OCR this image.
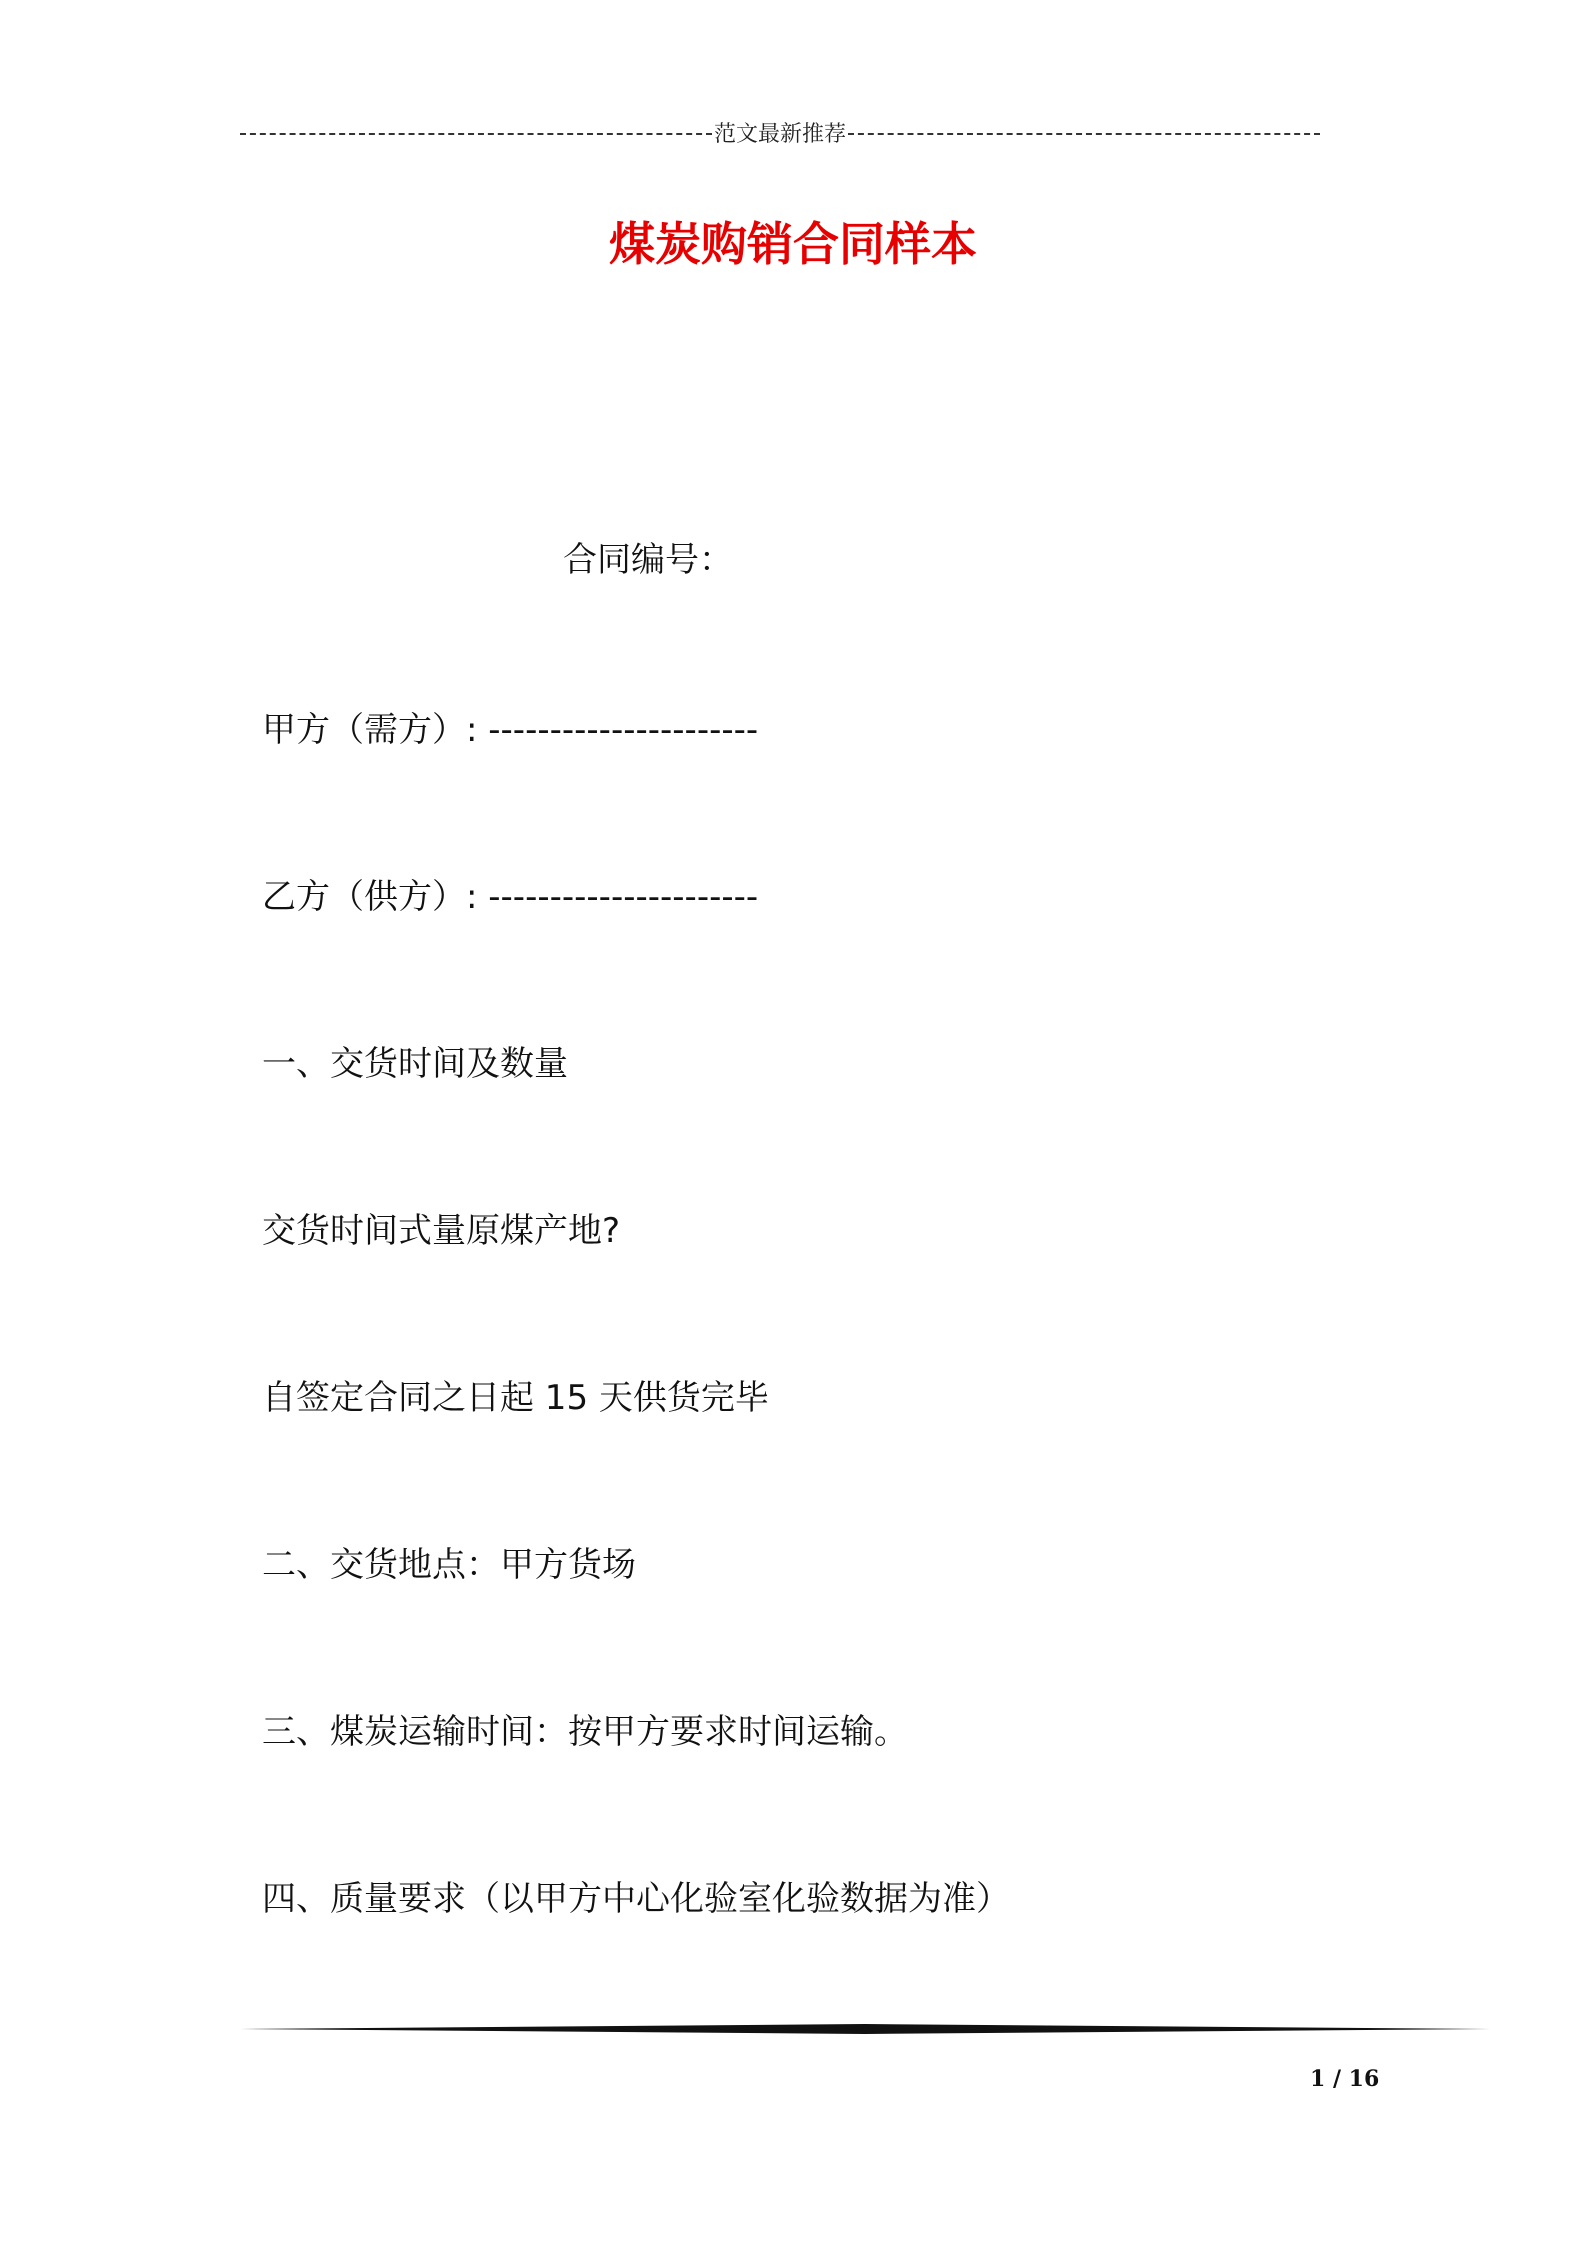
范文最新推荐
煤炭购销合同样本
合同编号：
甲方（需方）: ----------------------
乙方（供方）: ----------------------
一、交货时间及数量
交货时间式量原煤产地?
自签定合同之日起 15 天供货完毕
二、交货地点：甲方货场
三、煤炭运输时间：按甲方要求时间运输。
四、质量要求（以甲方中心化验室化验数据为准）
1 / 16
